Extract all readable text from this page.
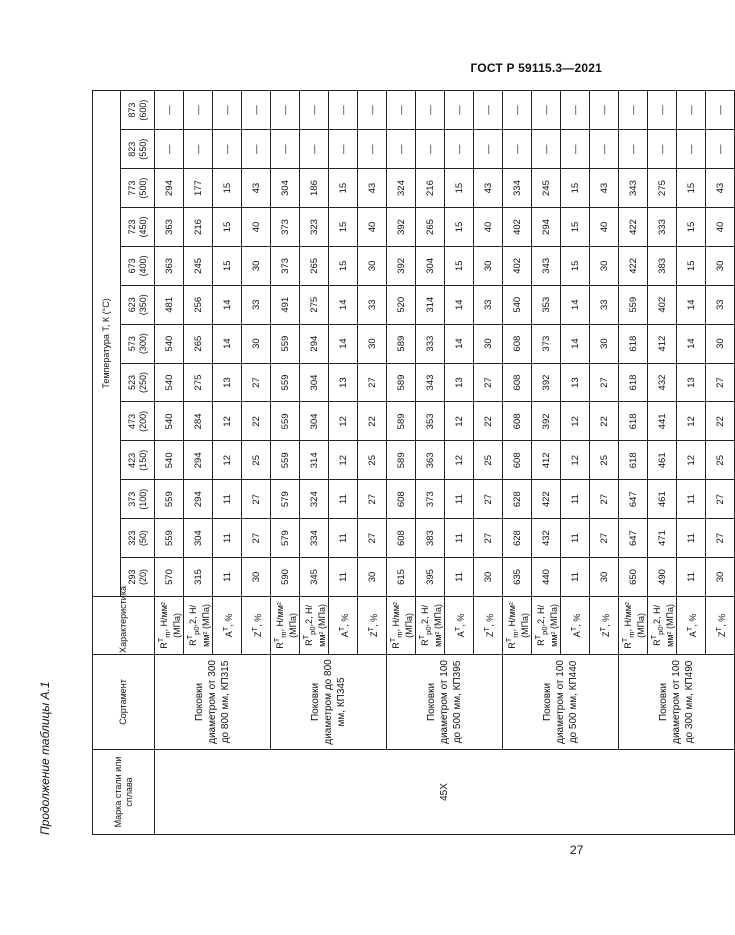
ГОСТ Р 59115.3—2021
27
Продолжение таблицы А.1	Марка стали или сплава	Сортамент	Характеристика	Температура T, К (°С)												

			293 (20)	323 (50)	373 (100)	423 (150)	473 (200)	523 (250)	573 (300)	623 (350)	673 (400)	723 (450)	773 (500)	823 (550)	873 (600)

45Х	Поковки диаметром от 300 до 800 мм, КП315	$R^T_m$, Н/мм² (МПа)	570	559	559	540	540	540	540	481	363	363	294	—	—
		$R^T_{p0},2$, Н/мм² (МПа)	315	304	294	294	284	275	265	256	245	216	177	—	—
		$A^T$, %	11	11	11	12	12	13	14	14	15	15	15	—	—
		$Z^T$, %	30	27	27	25	22	27	30	33	30	40	43	—	—
	Поковки диаметром до 800 мм, КП345	$R^T_m$, Н/мм² (МПа)	590	579	579	559	559	559	559	491	373	373	304	—	—
		$R^T_{p0},2$, Н/мм² (МПа)	345	334	324	314	304	304	294	275	265	323	186	—	—
		$A^T$, %	11	11	11	12	12	13	14	14	15	15	15	—	—
		$Z^T$, %	30	27	27	25	22	27	30	33	30	40	43	—	—
	Поковки диаметром от 100 до 500 мм, КП395	$R^T_m$, Н/мм² (МПа)	615	608	608	589	589	589	589	520	392	392	324	—	—
		$R^T_{p0},2$, Н/мм² (МПа)	395	383	373	363	353	343	333	314	304	265	216	—	—
		$A^T$, %	11	11	11	12	12	13	14	14	15	15	15	—	—
		$Z^T$, %	30	27	27	25	22	27	30	33	30	40	43	—	—
	Поковки диаметром от 100 до 500 мм, КП440	$R^T_m$, Н/мм² (МПа)	635	628	628	608	608	608	608	540	402	402	334	—	—
		$R^T_{p0},2$, Н/мм² (МПа)	440	432	422	412	392	392	373	353	343	294	245	—	—
		$A^T$, %	11	11	11	12	12	13	14	14	15	15	15	—	—
		$Z^T$, %	30	27	27	25	22	27	30	33	30	40	43	—	—
	Поковки диаметром от 100 до 300 мм, КП490	$R^T_m$, Н/мм² (МПа)	650	647	647	618	618	618	618	559	422	422	343	—	—
		$R^T_{p0},2$, Н/мм² (МПа)	490	471	461	461	441	432	412	402	383	333	275	—	—
		$A^T$, %	11	11	11	12	12	13	14	14	15	15	15	—	—
		$Z^T$, %	30	27	27	25	22	27	30	33	30	40	43	—	—
